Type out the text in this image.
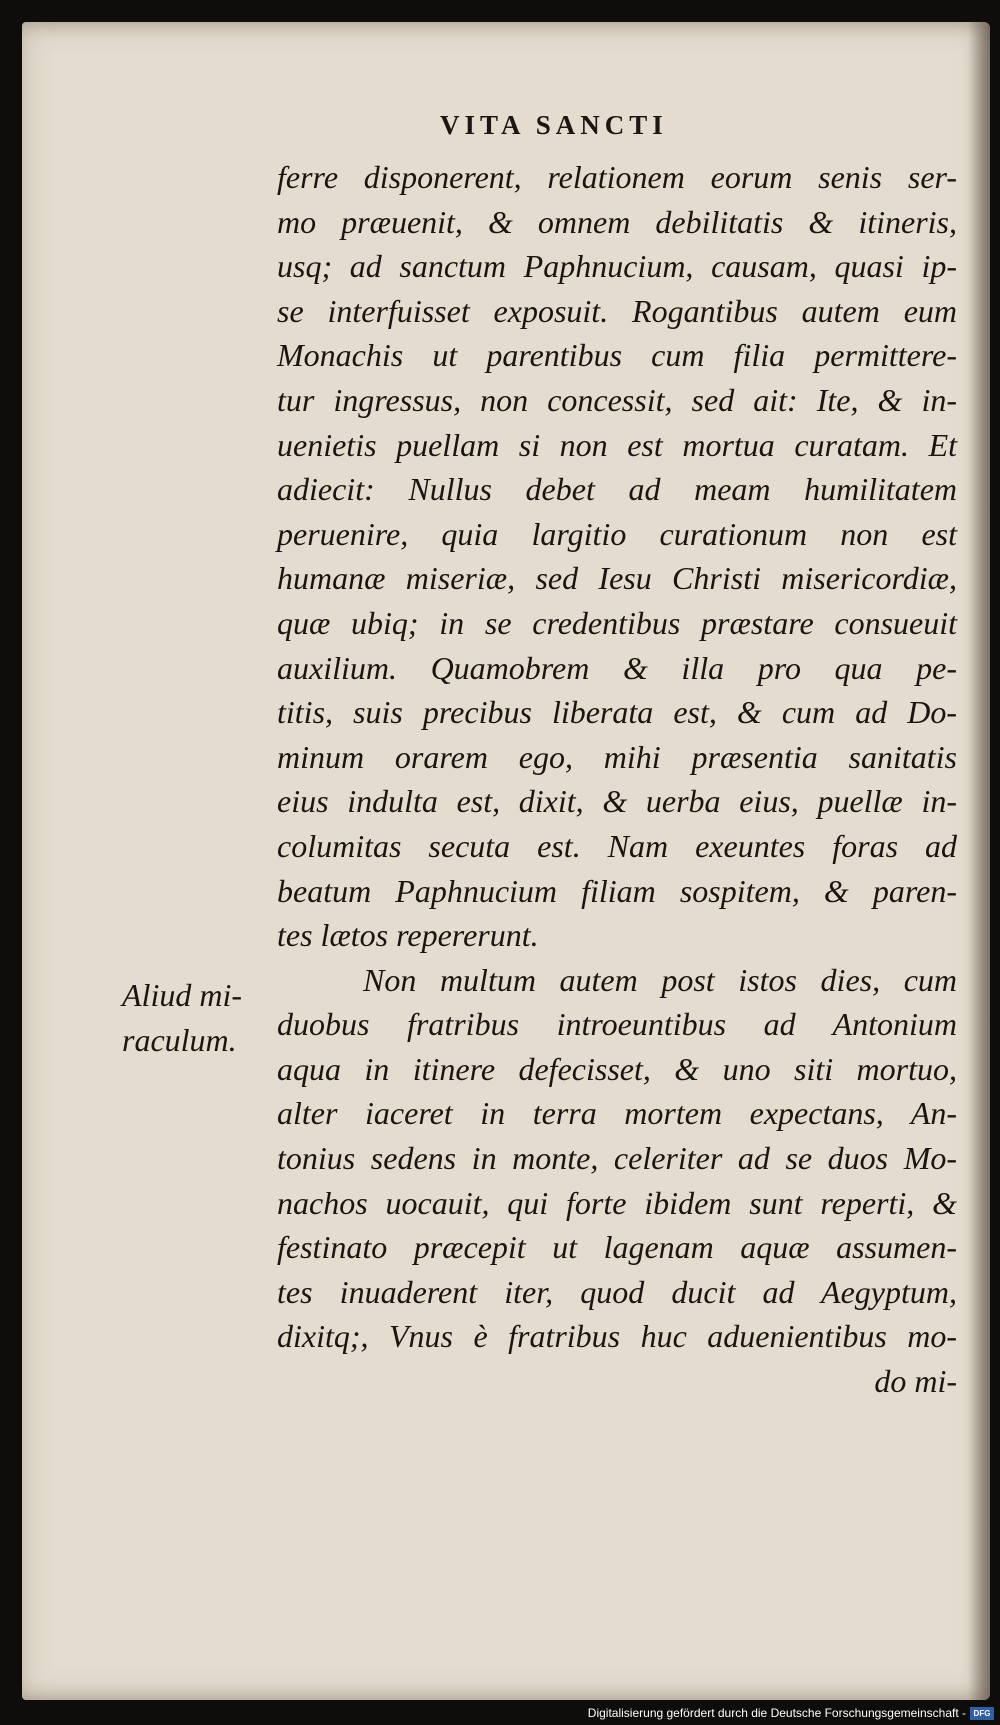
VITA SANCTI
ferre disponerent, relationem eorum senis ser-
mo præuenit, & omnem debilitatis & itineris,
usq; ad sanctum Paphnucium, causam, quasi ip-
se interfuisset exposuit. Rogantibus autem eum
Monachis ut parentibus cum filia permittere-
tur ingressus, non concessit, sed ait: Ite, & in-
uenietis puellam si non est mortua curatam. Et
adiecit: Nullus debet ad meam humilitatem
peruenire, quia largitio curationum non est
humanæ miseriæ, sed Iesu Christi misericordiæ,
quæ ubiq; in se credentibus præstare consueuit
auxilium. Quamobrem & illa pro qua pe-
titis, suis precibus liberata est, & cum ad Do-
minum orarem ego, mihi præsentia sanitatis
eius indulta est, dixit, & uerba eius, puellæ in-
columitas secuta est. Nam exeuntes foras ad
beatum Paphnucium filiam sospitem, & paren-
tes lætos repererunt.
Non multum autem post istos dies, cum
duobus fratribus introeuntibus ad Antonium
aqua in itinere defecisset, & uno siti mortuo,
alter iaceret in terra mortem expectans, An-
tonius sedens in monte, celeriter ad se duos Mo-
nachos uocauit, qui forte ibidem sunt reperti, &
festinato præcepit ut lagenam aquæ assumen-
tes inuaderent iter, quod ducit ad Aegyptum,
dixitq;, Vnus è fratribus huc aduenientibus mo-
do mi-
Aliud mi-
raculum.
Digitalisierung gefördert durch die Deutsche Forschungsgemeinschaft - DFG
